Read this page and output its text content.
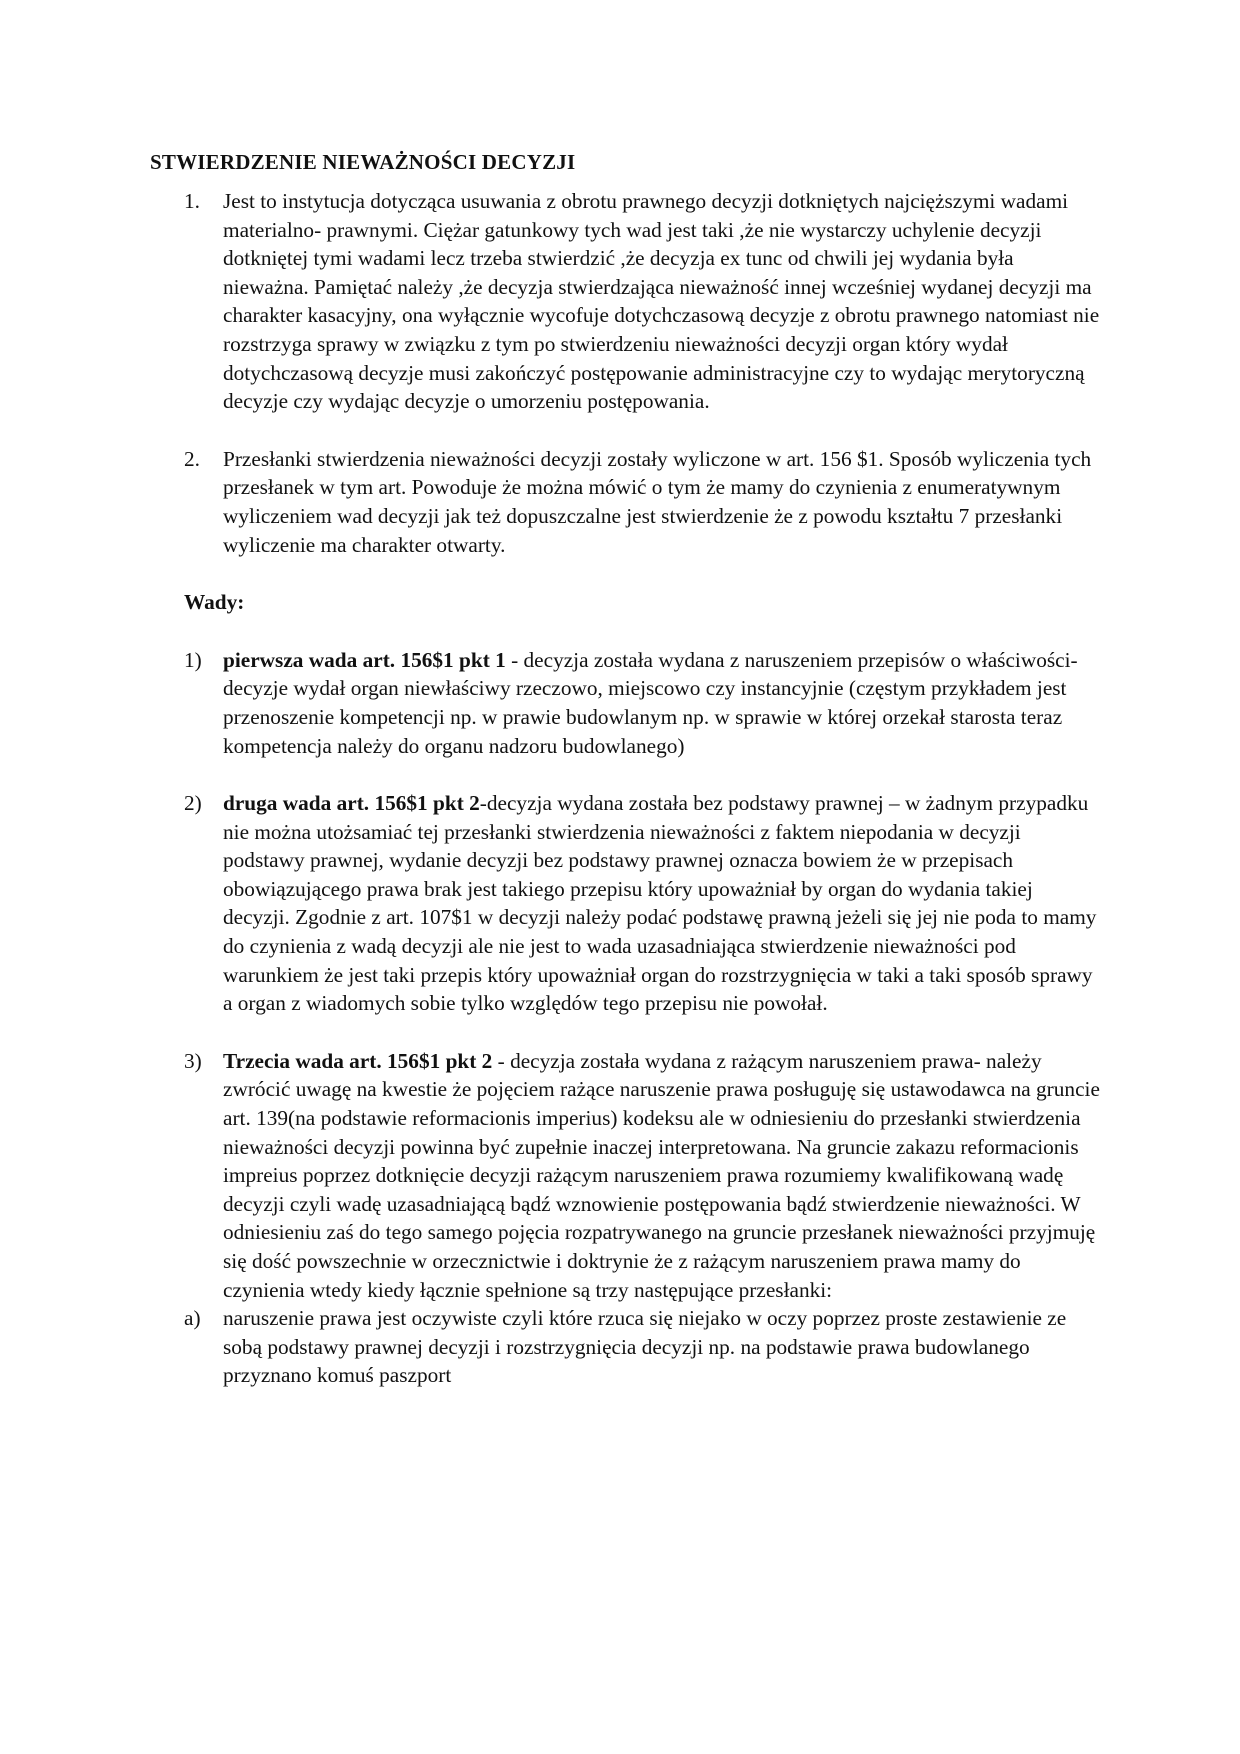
STWIERDZENIE NIEWAŻNOŚCI DECYZJI
1.	Jest to instytucja dotycząca usuwania z obrotu prawnego decyzji dotkniętych najcięższymi wadami materialno- prawnymi. Ciężar gatunkowy tych wad jest taki ,że nie wystarczy uchylenie decyzji dotkniętej tymi wadami lecz trzeba stwierdzić ,że decyzja ex tunc od chwili jej wydania była nieważna. Pamiętać należy ,że decyzja stwierdzająca nieważność innej wcześniej wydanej decyzji ma charakter kasacyjny, ona wyłącznie wycofuje dotychczasową decyzje z obrotu prawnego natomiast nie rozstrzyga sprawy w związku z tym po stwierdzeniu nieważności decyzji organ który wydał dotychczasową decyzje musi zakończyć postępowanie administracyjne czy to wydając merytoryczną decyzje czy wydając decyzje o umorzeniu postępowania.
2.	Przesłanki stwierdzenia nieważności decyzji zostały wyliczone w art. 156 $1. Sposób wyliczenia tych przesłanek w tym art. Powoduje że można mówić o tym że mamy do czynienia z enumeratywnym wyliczeniem wad decyzji jak też dopuszczalne jest stwierdzenie że z powodu kształtu 7 przesłanki wyliczenie ma charakter otwarty.
Wady:
1) pierwsza wada art. 156$1 pkt 1 - decyzja została wydana z naruszeniem przepisów o właściwości- decyzje wydał organ niewłaściwy rzeczowo, miejscowo czy instancyjnie (częstym przykładem jest przenoszenie kompetencji np. w prawie budowlanym np. w sprawie w której orzekał starosta teraz kompetencja należy do organu nadzoru budowlanego)
2) druga wada art. 156$1 pkt 2-decyzja wydana została bez podstawy prawnej – w żadnym przypadku nie można utożsamiać tej przesłanki stwierdzenia nieważności z faktem niepodania w decyzji podstawy prawnej, wydanie decyzji bez podstawy prawnej oznacza bowiem że w przepisach obowiązującego prawa brak jest takiego przepisu który upoważniał by organ do wydania takiej decyzji. Zgodnie z art. 107$1 w decyzji należy podać podstawę prawną jeżeli się jej nie poda to mamy do czynienia z wadą decyzji ale nie jest to wada uzasadniająca stwierdzenie nieważności pod warunkiem że jest taki przepis który upoważniał organ do rozstrzygnięcia w taki a taki sposób sprawy a organ z wiadomych sobie tylko względów tego przepisu nie powołał.
3) Trzecia wada art. 156$1 pkt 2 - decyzja została wydana z rażącym naruszeniem prawa- należy zwrócić uwagę na kwestie że pojęciem rażące naruszenie prawa posługuję się ustawodawca na gruncie art. 139(na podstawie reformacionis imperius) kodeksu ale w odniesieniu do przesłanki stwierdzenia nieważności decyzji powinna być zupełnie inaczej interpretowana. Na gruncie zakazu reformacionis impreius poprzez dotknięcie decyzji rażącym naruszeniem prawa rozumiemy kwalifikowaną wadę decyzji czyli wadę uzasadniającą bądź wznowienie postępowania bądź stwierdzenie nieważności. W odniesieniu zaś do tego samego pojęcia rozpatrywanego na gruncie przesłanek nieważności przyjmuję się dość powszechnie w orzecznictwie i doktrynie że z rażącym naruszeniem prawa mamy do czynienia wtedy kiedy łącznie spełnione są trzy następujące przesłanki:
a)	naruszenie prawa jest oczywiste czyli które rzuca się niejako w oczy poprzez proste zestawienie ze sobą podstawy prawnej decyzji i rozstrzygnięcia decyzji np. na podstawie prawa budowlanego przyznano komuś paszport
